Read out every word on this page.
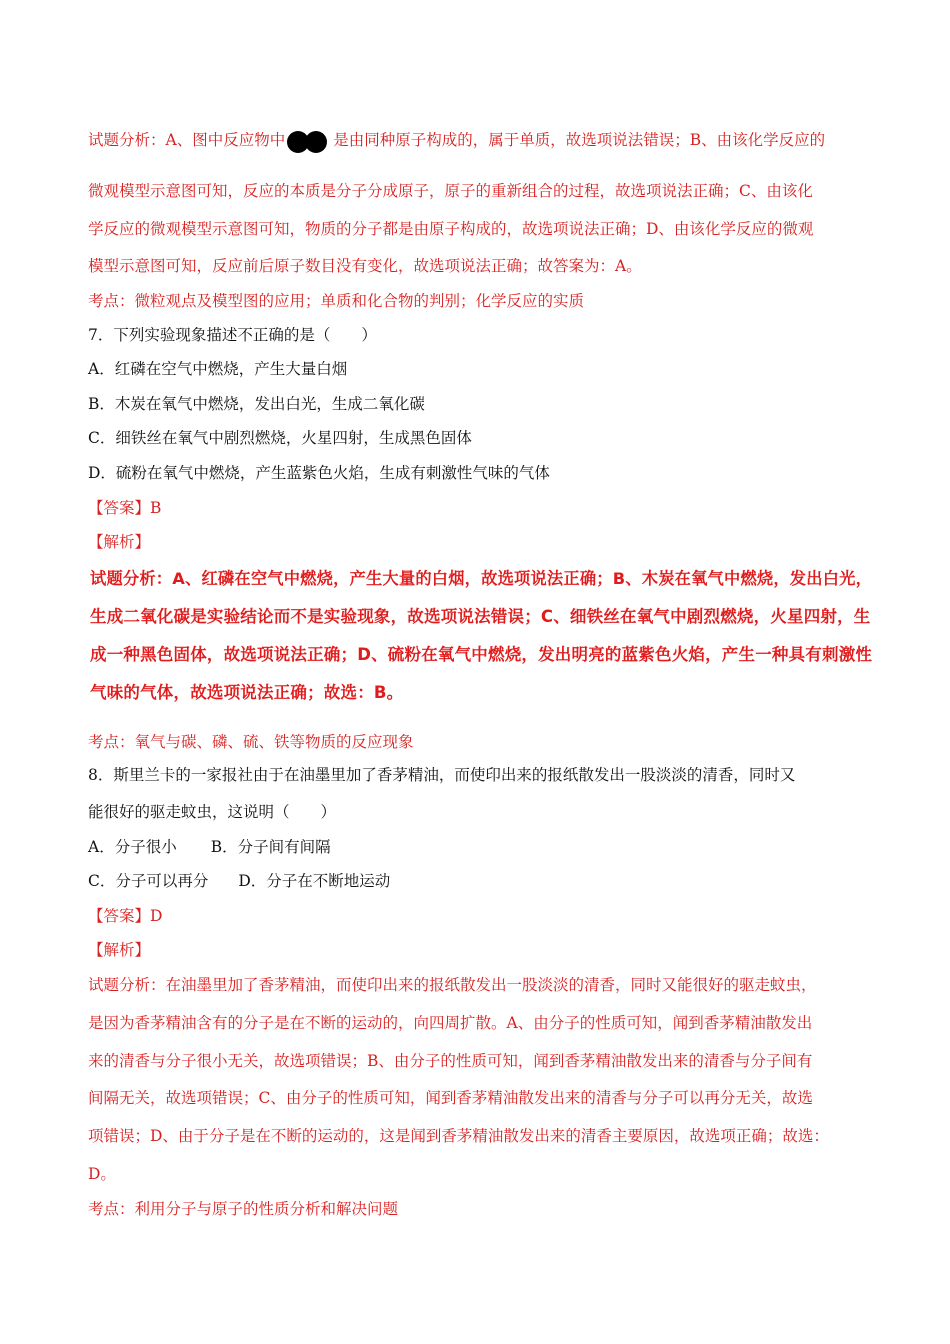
试题分析：A、图中反应物中	是由同种原子构成的，属于单质，故选项说法错误；B、由该化学反应的
微观模型示意图可知，反应的本质是分子分成原子，原子的重新组合的过程，故选项说法正确；C、由该化
学反应的微观模型示意图可知，物质的分子都是由原子构成的，故选项说法正确；D、由该化学反应的微观
模型示意图可知，反应前后原子数目没有变化，故选项说法正确；故答案为：A。
考点：微粒观点及模型图的应用；单质和化合物的判别；化学反应的实质
7．下列实验现象描述不正确的是（　　）
A．红磷在空气中燃烧，产生大量白烟
B．木炭在氧气中燃烧，发出白光，生成二氧化碳
C．细铁丝在氧气中剧烈燃烧，火星四射，生成黑色固体
D．硫粉在氧气中燃烧，产生蓝紫色火焰，生成有刺激性气味的气体
【答案】B
【解析】
试题分析：A、红磷在空气中燃烧，产生大量的白烟，故选项说法正确；B、木炭在氧气中燃烧，发出白光，
生成二氧化碳是实验结论而不是实验现象，故选项说法错误；C、细铁丝在氧气中剧烈燃烧，火星四射，生
成一种黑色固体，故选项说法正确；D、硫粉在氧气中燃烧，发出明亮的蓝紫色火焰，产生一种具有刺激性
气味的气体，故选项说法正确；故选：B。
考点：氧气与碳、磷、硫、铁等物质的反应现象
8．斯里兰卡的一家报社由于在油墨里加了香茅精油，而使印出来的报纸散发出一股淡淡的清香，同时又
能很好的驱走蚊虫，这说明（　　）
A．分子很小 B．分子间有间隔
C．分子可以再分 D．分子在不断地运动
【答案】D
【解析】
试题分析：在油墨里加了香茅精油，而使印出来的报纸散发出一股淡淡的清香，同时又能很好的驱走蚊虫，
是因为香茅精油含有的分子是在不断的运动的，向四周扩散。A、由分子的性质可知，闻到香茅精油散发出
来的清香与分子很小无关，故选项错误；B、由分子的性质可知，闻到香茅精油散发出来的清香与分子间有
间隔无关，故选项错误；C、由分子的性质可知，闻到香茅精油散发出来的清香与分子可以再分无关，故选
项错误；D、由于分子是在不断的运动的，这是闻到香茅精油散发出来的清香主要原因，故选项正确；故选：
D。
考点：利用分子与原子的性质分析和解决问题
